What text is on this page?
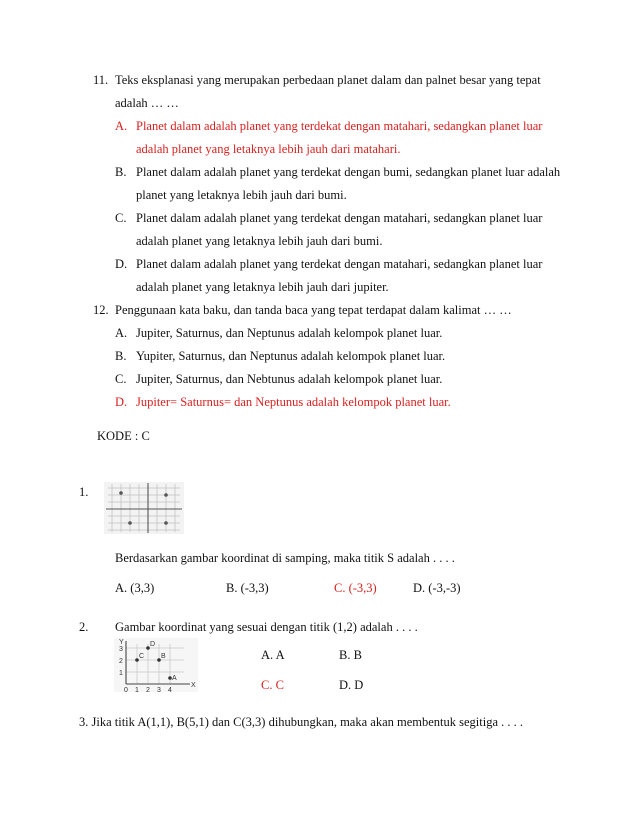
11. Teks eksplanasi yang merupakan perbedaan planet dalam dan palnet besar yang tepat
adalah … …
A. Planet dalam adalah planet yang terdekat dengan matahari, sedangkan planet luar
adalah planet yang letaknya lebih jauh dari matahari.
B. Planet dalam adalah planet yang terdekat dengan bumi, sedangkan planet luar adalah
planet yang letaknya lebih jauh dari bumi.
C. Planet dalam adalah planet yang terdekat dengan matahari, sedangkan planet luar
adalah planet yang letaknya lebih jauh dari bumi.
D. Planet dalam adalah planet yang terdekat dengan matahari, sedangkan planet luar
adalah planet yang letaknya lebih jauh dari jupiter.
12. Penggunaan kata baku, dan tanda baca yang tepat terdapat dalam kalimat … …
A. Jupiter, Saturnus, dan Neptunus adalah kelompok planet luar.
B. Yupiter, Saturnus, dan Neptunus adalah kelompok planet luar.
C. Jupiter, Saturnus, dan Nebtunus adalah kelompok planet luar.
D. Jupiter= Saturnus= dan Neptunus adalah kelompok planet luar.
KODE : C
1.
Berdasarkan gambar koordinat di samping, maka titik S adalah . . . .
A. (3,3)	B. (-3,3)	C. (-3,3)	D. (-3,-3)
2. Gambar koordinat yang sesuai dengan titik (1,2) adalah . . . .
Y
X
3
2
1
0 1 2 3 4
C B
D
A
A. A	B. B
C. C	D. D
3. Jika titik A(1,1), B(5,1) dan C(3,3) dihubungkan, maka akan membentuk segitiga . . . .
